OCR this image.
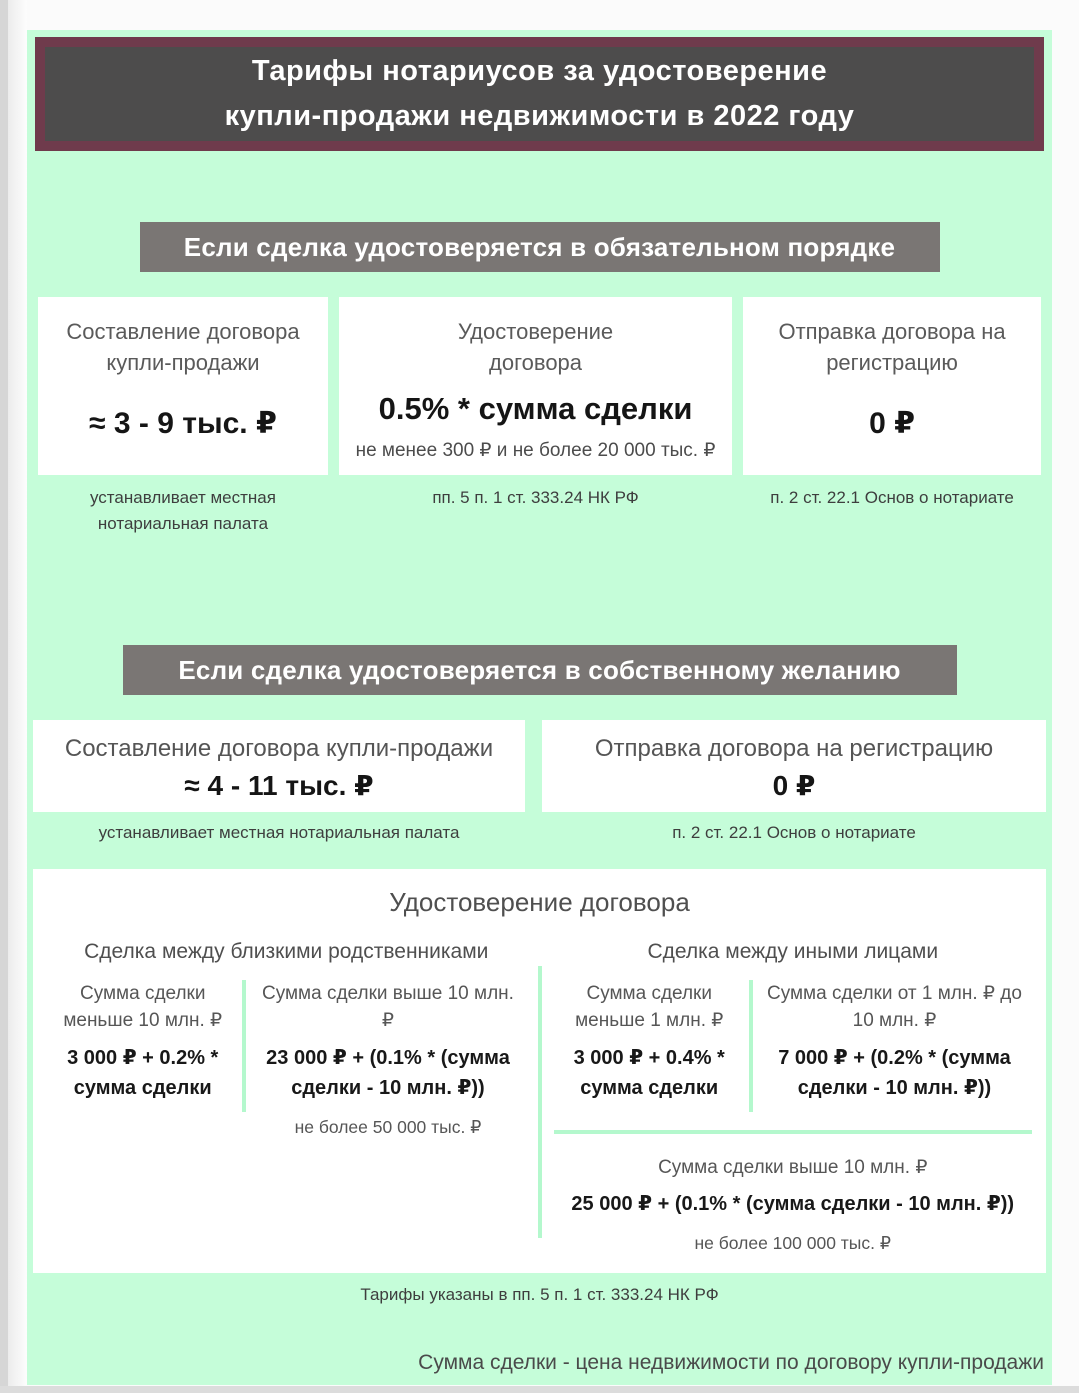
Тарифы нотариусов за удостоверение
купли-продажи недвижимости в 2022 году
Если сделка удостоверяется в обязательном порядке
Составление договора купли-продажи
≈ 3 - 9 тыс. ₽
Удостоверение договора
0.5% * сумма сделки
не менее 300 ₽ и не более 20 000 тыс. ₽
Отправка договора на регистрацию
0 ₽
устанавливает местная нотариальная палата
пп. 5 п. 1 ст. 333.24 НК РФ	п. 2 ст. 22.1 Основ о нотариате
Если сделка удостоверяется в собственному желанию
Составление договора купли-продажи
≈ 4 - 11 тыс. ₽
Отправка договора на регистрацию
0 ₽
устанавливает местная нотариальная палата	п. 2 ст. 22.1 Основ о нотариате
Удостоверение договора
Сделка между близкими родственниками
Сумма сделки меньше 10 млн. ₽
3 000 ₽ + 0.2% * сумма сделки
Сумма сделки выше 10 млн. ₽
23 000 ₽ + (0.1% * (сумма сделки - 10 млн. ₽))
не более 50 000 тыс. ₽
Сделка между иными лицами
Сумма сделки меньше 1 млн. ₽
3 000 ₽ + 0.4% * сумма сделки
Сумма сделки от 1 млн. ₽ до 10 млн. ₽
7 000 ₽ + (0.2% * (сумма сделки - 10 млн. ₽))
Сумма сделки выше 10 млн. ₽
25 000 ₽ + (0.1% * (сумма сделки - 10 млн. ₽))
не более 100 000 тыс. ₽
Тарифы указаны в пп. 5 п. 1 ст. 333.24 НК РФ
Сумма сделки - цена недвижимости по договору купли-продажи
